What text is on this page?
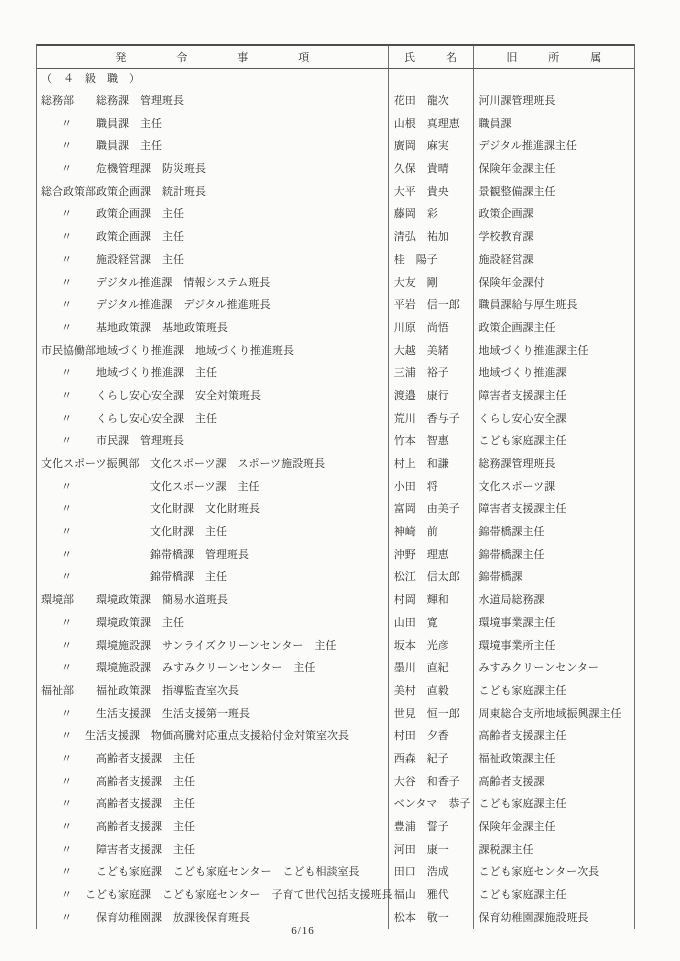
発令事項	氏名	旧所属
（　４　級　職　）
総務部 総務課　管理班長	花田　龍次	河川課管理班長
〃 職員課　主任	山根　真理恵	職員課
〃 職員課　主任	廣岡　麻実	デジタル推進課主任
〃 危機管理課　防災班長	久保　貴晴	保険年金課主任
総合政策部 政策企画課　統計班長	大平　貴央	景観整備課主任
〃 政策企画課　主任	藤岡　彩	政策企画課
〃 政策企画課　主任	清弘　祐加	学校教育課
〃 施設経営課　主任	桂　陽子	施設経営課
〃 デジタル推進課　情報システム班長	大友　剛	保険年金課付
〃 デジタル推進課　デジタル推進班長	平岩　信一郎	職員課給与厚生班長
〃 基地政策課　基地政策班長	川原　尚悟	政策企画課主任
市民協働部 地域づくり推進課　地域づくり推進班長	大越　美緒	地域づくり推進課主任
〃 地域づくり推進課　主任	三浦　裕子	地域づくり推進課
〃 くらし安心安全課　安全対策班長	渡邉　康行	障害者支援課主任
〃 くらし安心安全課　主任	荒川　香与子	くらし安心安全課
〃 市民課　管理班長	竹本　智惠	こども家庭課主任
文化スポーツ振興部 文化スポーツ課　スポーツ施設班長	村上　和謙	総務課管理班長
〃	文化スポーツ課　主任	小田　将	文化スポーツ課
〃	文化財課　文化財班長	富岡　由美子	障害者支援課主任
〃	文化財課　主任	神崎　前	錦帯橋課主任
〃	錦帯橋課　管理班長	沖野　理恵	錦帯橋課主任
〃	錦帯橋課　主任	松江　信太郎	錦帯橋課
環境部 環境政策課　簡易水道班長	村岡　輝和	水道局総務課
〃 環境政策課　主任	山田　寛	環境事業課主任
〃 環境施設課　サンライズクリーンセンター　主任	坂本　光彦	環境事業所主任
〃 環境施設課　みすみクリーンセンター　主任	墨川　直紀	みすみクリーンセンター
福祉部 福祉政策課　指導監査室次長	美村　直毅	こども家庭課主任
〃 生活支援課　生活支援第一班長	世見　恒一郎	周東総合支所地域振興課主任
〃 生活支援課　物価高騰対応重点支援給付金対策室次長	村田　夕香	高齢者支援課主任
〃 高齢者支援課　主任	西森　紀子	福祉政策課主任
〃 高齢者支援課　主任	大谷　和香子	高齢者支援課
〃 高齢者支援課　主任	ベンタマ　恭子 こども家庭課主任
〃 高齢者支援課　主任	豊浦　誓子	保険年金課主任
〃 障害者支援課　主任	河田　康一	課税課主任
〃 こども家庭課　こども家庭センター　こども相談室長	田口　浩成	こども家庭センター次長
〃 こども家庭課　こども家庭センター　子育て世代包括支援班長 福山　雅代	こども家庭課主任
〃 保育幼稚園課　放課後保育班長	松本　敬一	保育幼稚園課施設班長
6/16
